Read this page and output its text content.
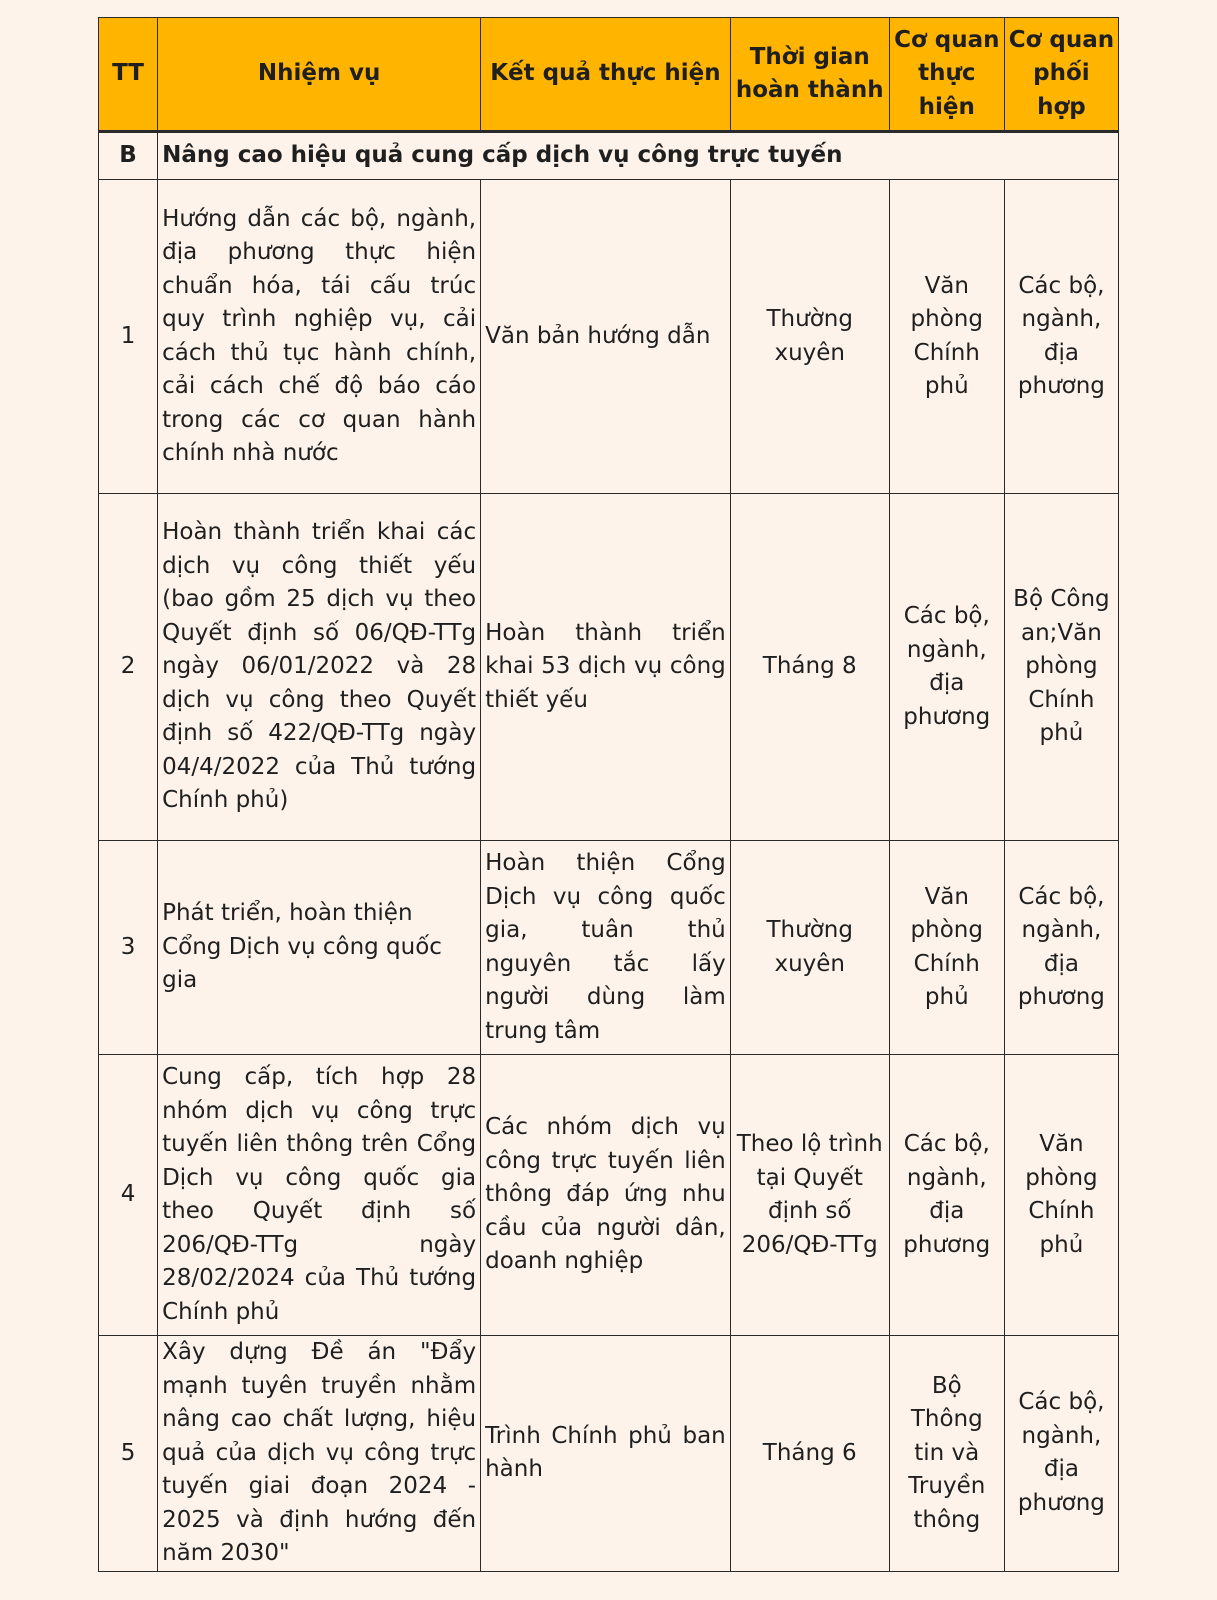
TT	Nhiệm vụ	Kết quả thực hiện	Thời gian hoàn thành	Cơ quan thực hiện	Cơ quan phối hợp
B	Nâng cao hiệu quả cung cấp dịch vụ công trực tuyến				
1	Hướng dẫn các bộ, ngành, địa phương thực hiện chuẩn hóa, tái cấu trúc quy trình nghiệp vụ, cải cách thủ tục hành chính, cải cách chế độ báo cáo trong các cơ quan hành chính nhà nước	Văn bản hướng dẫn	Thường xuyên	Văn phòng Chính phủ	Các bộ, ngành, địa phương
2	Hoàn thành triển khai các dịch vụ công thiết yếu (bao gồm 25 dịch vụ theo Quyết định số 06/QĐ-TTg ngày 06/01/2022 và 28 dịch vụ công theo Quyết định số 422/QĐ-TTg ngày 04/4/2022 của Thủ tướng Chính phủ)	Hoàn thành triển khai 53 dịch vụ công thiết yếu	Tháng 8	Các bộ, ngành, địa phương	Bộ Công an;Văn phòng Chính phủ
3	Phát triển, hoàn thiện Cổng Dịch vụ công quốc gia	Hoàn thiện Cổng Dịch vụ công quốc gia, tuân thủ nguyên tắc lấy người dùng làm trung tâm	Thường xuyên	Văn phòng Chính phủ	Các bộ, ngành, địa phương
4	Cung cấp, tích hợp 28 nhóm dịch vụ công trực tuyến liên thông trên Cổng Dịch vụ công quốc gia theo Quyết định số 206/QĐ-TTg ngày 28/02/2024 của Thủ tướng Chính phủ	Các nhóm dịch vụ công trực tuyến liên thông đáp ứng nhu cầu của người dân, doanh nghiệp	Theo lộ trình tại Quyết định số 206/QĐ-TTg	Các bộ, ngành, địa phương	Văn phòng Chính phủ
5	Xây dựng Đề án "Đẩy mạnh tuyên truyền nhằm nâng cao chất lượng, hiệu quả của dịch vụ công trực tuyến giai đoạn 2024 - 2025 và định hướng đến năm 2030"	Trình Chính phủ ban hành	Tháng 6	Bộ Thông tin và Truyền thông	Các bộ, ngành, địa phương
